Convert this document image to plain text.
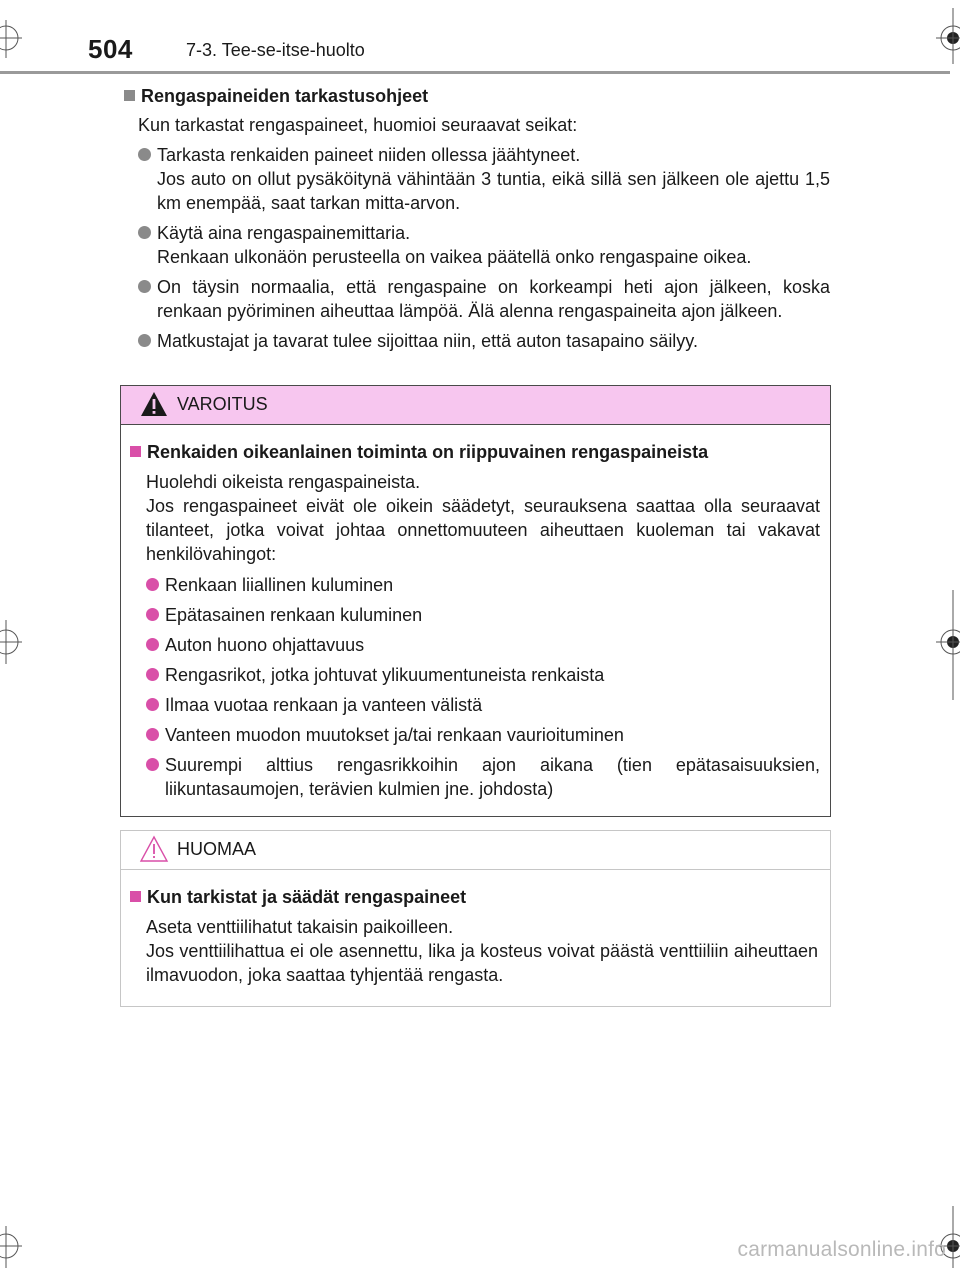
504	7-3. Tee-se-itse-huolto
Rengaspaineiden tarkastusohjeet
Kun tarkastat rengaspaineet, huomioi seuraavat seikat:
Tarkasta renkaiden paineet niiden ollessa jäähtyneet.
Jos auto on ollut pysäköitynä vähintään 3 tuntia, eikä sillä sen jälkeen ole ajettu 1,5 km enempää, saat tarkan mitta-arvon.
Käytä aina rengaspainemittaria.
Renkaan ulkonäön perusteella on vaikea päätellä onko rengaspaine oikea.
On täysin normaalia, että rengaspaine on korkeampi heti ajon jälkeen, koska renkaan pyöriminen aiheuttaa lämpöä. Älä alenna rengaspaineita ajon jälkeen.
Matkustajat ja tavarat tulee sijoittaa niin, että auton tasapaino säilyy.
VAROITUS
Renkaiden oikeanlainen toiminta on riippuvainen rengaspaineista
Huolehdi oikeista rengaspaineista.
Jos rengaspaineet eivät ole oikein säädetyt, seurauksena saattaa olla seuraavat tilanteet, jotka voivat johtaa onnettomuuteen aiheuttaen kuoleman tai vakavat henkilövahingot:
Renkaan liiallinen kuluminen
Epätasainen renkaan kuluminen
Auton huono ohjattavuus
Rengasrikot, jotka johtuvat ylikuumentuneista renkaista
Ilmaa vuotaa renkaan ja vanteen välistä
Vanteen muodon muutokset ja/tai renkaan vaurioituminen
Suurempi alttius rengasrikkoihin ajon aikana (tien epätasaisuuksien, liikuntasaumojen, terävien kulmien jne. johdosta)
HUOMAA
Kun tarkistat ja säädät rengaspaineet
Aseta venttiilihatut takaisin paikoilleen.
Jos venttiilihattua ei ole asennettu, lika ja kosteus voivat päästä venttiiliin aiheuttaen ilmavuodon, joka saattaa tyhjentää rengasta.
carmanualsonline.info
